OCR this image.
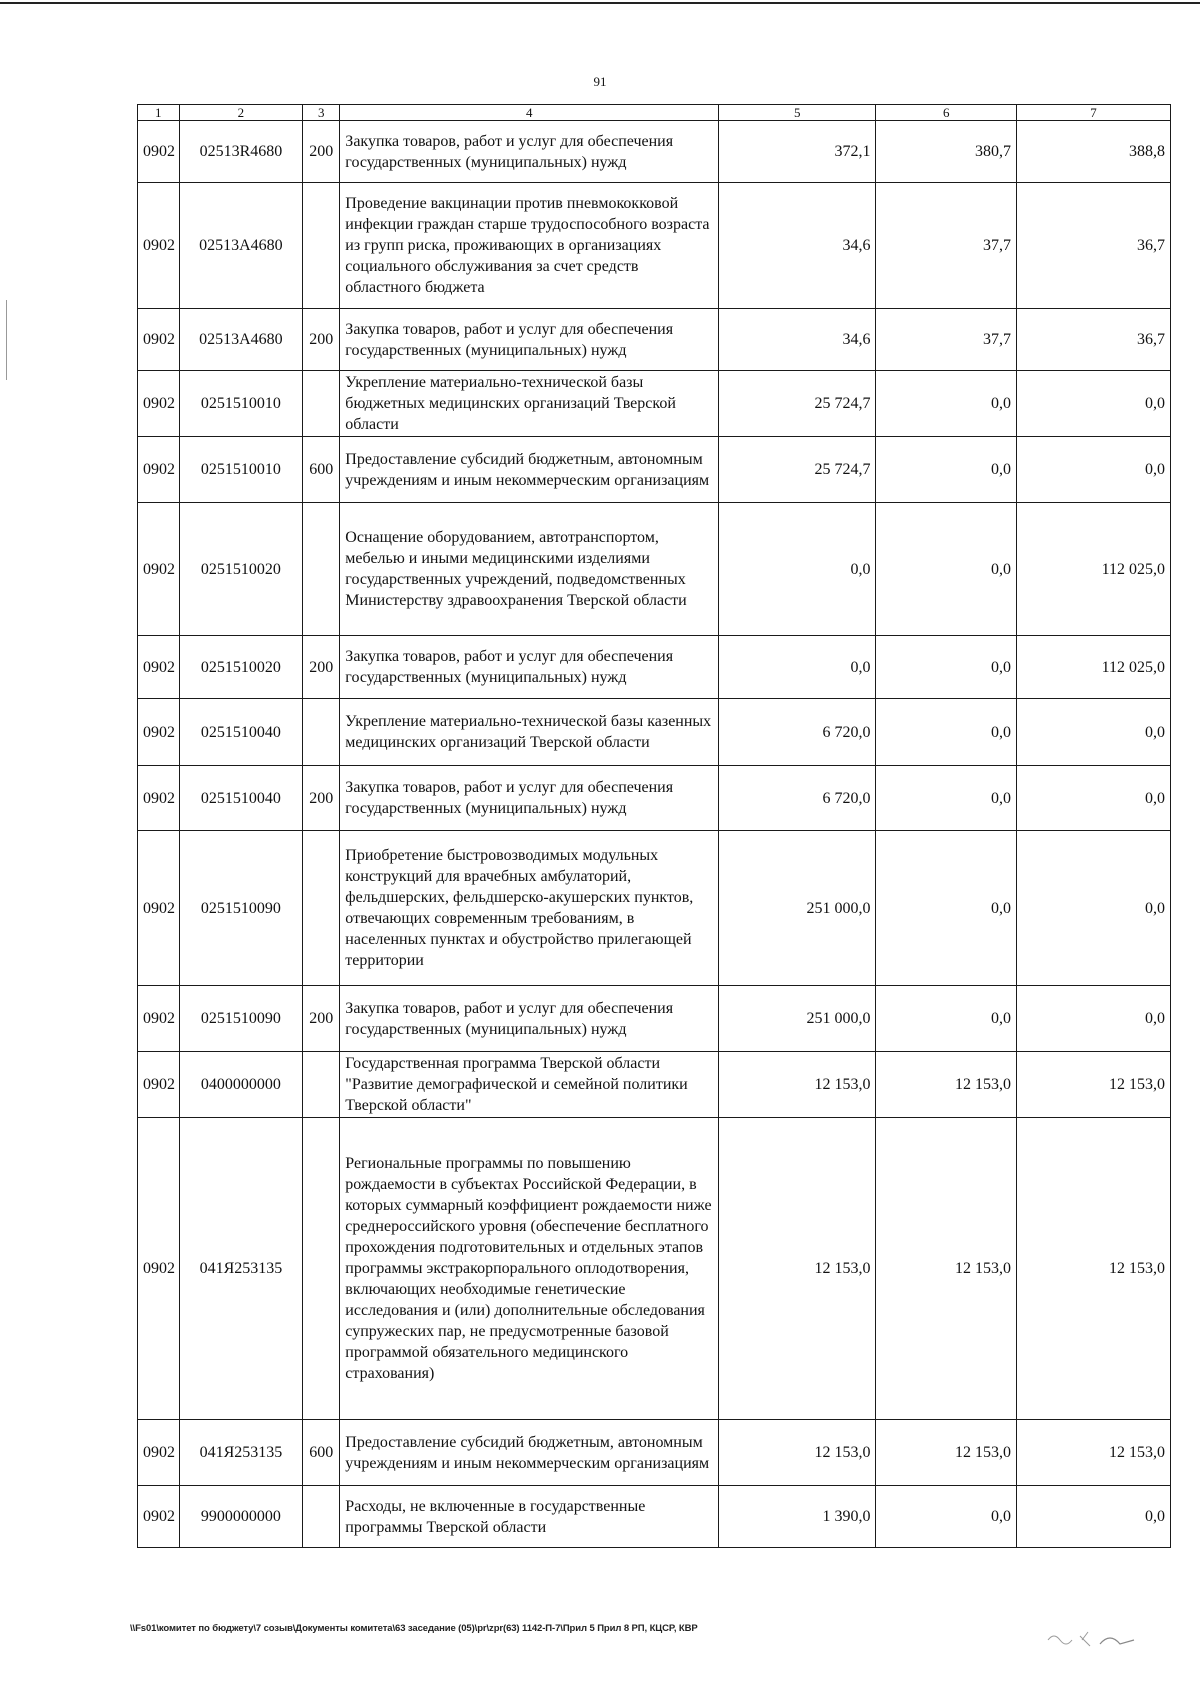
91
1	2	3	4	5	6	7
0902	02513R4680	200	Закупка товаров, работ и услуг для обеспечения государственных (муниципальных) нужд	372,1	380,7	388,8
0902	02513A4680		Проведение вакцинации против пневмококковой инфекции граждан старше трудоспособного возраста из групп риска, проживающих в организациях социального обслуживания за счет средств областного бюджета	34,6	37,7	36,7
0902	02513A4680	200	Закупка товаров, работ и услуг для обеспечения государственных (муниципальных) нужд	34,6	37,7	36,7
0902	0251510010		Укрепление материально-технической базы бюджетных медицинских организаций Тверской области	25 724,7	0,0	0,0
0902	0251510010	600	Предоставление субсидий бюджетным, автономным учреждениям и иным некоммерческим организациям	25 724,7	0,0	0,0
0902	0251510020		Оснащение оборудованием, автотранспортом, мебелью и иными медицинскими изделиями государственных учреждений, подведомственных Министерству здравоохранения Тверской области	0,0	0,0	112 025,0
0902	0251510020	200	Закупка товаров, работ и услуг для обеспечения государственных (муниципальных) нужд	0,0	0,0	112 025,0
0902	0251510040		Укрепление материально-технической базы казенных медицинских организаций Тверской области	6 720,0	0,0	0,0
0902	0251510040	200	Закупка товаров, работ и услуг для обеспечения государственных (муниципальных) нужд	6 720,0	0,0	0,0
0902	0251510090		Приобретение быстровозводимых модульных конструкций для врачебных амбулаторий, фельдшерских, фельдшерско-акушерских пунктов, отвечающих современным требованиям, в населенных пунктах и обустройство прилегающей территории	251 000,0	0,0	0,0
0902	0251510090	200	Закупка товаров, работ и услуг для обеспечения государственных (муниципальных) нужд	251 000,0	0,0	0,0
0902	0400000000		Государственная программа Тверской области "Развитие демографической и семейной политики Тверской области"	12 153,0	12 153,0	12 153,0
0902	041Я253135		Региональные программы по повышению рождаемости в субъектах Российской Федерации, в которых суммарный коэффициент рождаемости ниже среднероссийского уровня (обеспечение бесплатного прохождения подготовительных и отдельных этапов программы экстракорпорального оплодотворения, включающих необходимые генетические исследования и (или) дополнительные обследования супружеских пар, не предусмотренные базовой программой обязательного медицинского страхования)	12 153,0	12 153,0	12 153,0
0902	041Я253135	600	Предоставление субсидий бюджетным, автономным учреждениям и иным некоммерческим организациям	12 153,0	12 153,0	12 153,0
0902	9900000000		Расходы, не включенные в государственные программы Тверской области	1 390,0	0,0	0,0
\\Fs01\комитет по бюджету\7 созыв\Документы комитета\63 заседание (05)\pr\zpr(63) 1142-П-7\Прил 5 Прил 8 РП, КЦСР, КВР
